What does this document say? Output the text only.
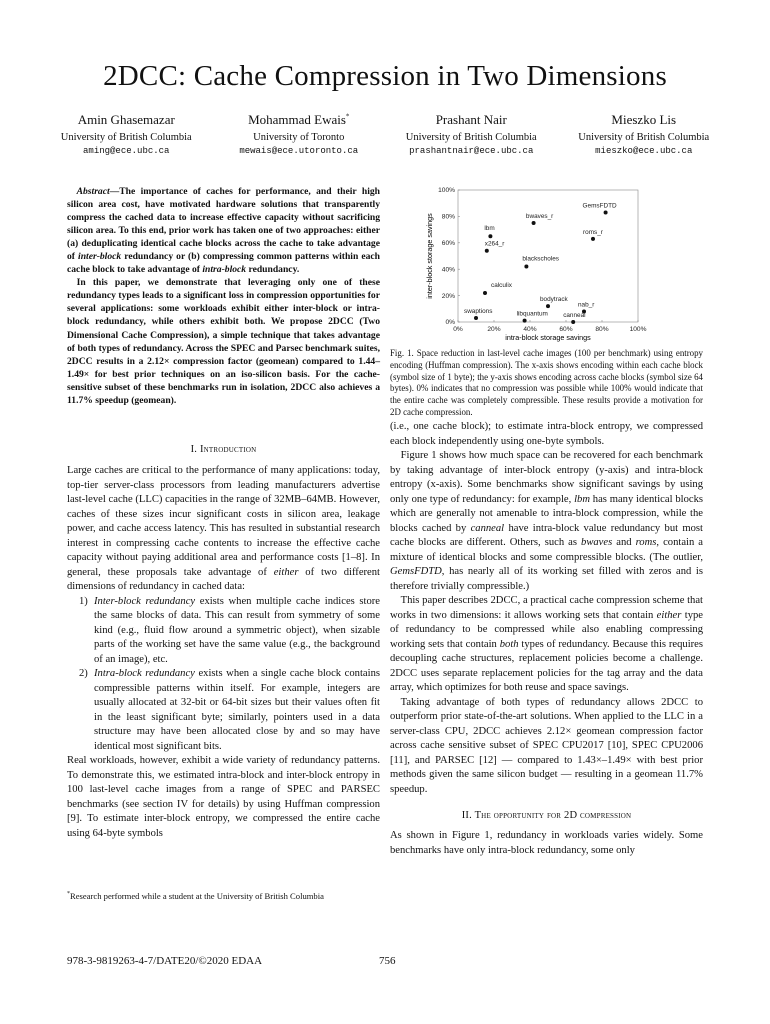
2DCC: Cache Compression in Two Dimensions
Amin Ghasemazar
University of British Columbia
aming@ece.ubc.ca
Mohammad Ewais*
University of Toronto
mewais@ece.utoronto.ca
Prashant Nair
University of British Columbia
prashantnair@ece.ubc.ca
Mieszko Lis
University of British Columbia
mieszko@ece.ubc.ca

Abstract—The importance of caches for performance, and their high silicon area cost, have motivated hardware solutions that transparently compress the cached data to increase effective capacity without sacrificing silicon area. To this end, prior work has taken one of two approaches: either (a) deduplicating identical cache blocks across the cache to take advantage of inter-block redundancy or (b) compressing common patterns within each cache block to take advantage of intra-block redundancy.

In this paper, we demonstrate that leveraging only one of these redundancy types leads to a significant loss in compression opportunities for several applications: some workloads exhibit either inter-block or intra-block redundancy, while others exhibit both. We propose 2DCC (Two Dimensional Cache Compression), a simple technique that takes advantage of both types of redundancy. Across the SPEC and Parsec benchmark suites, 2DCC results in a 2.12× compression factor (geomean) compared to 1.44–1.49× for best prior techniques on an iso-silicon basis. For the cache-sensitive subset of these benchmarks run in isolation, 2DCC also achieves a 11.7% speedup (geomean).

I. Introduction

Large caches are critical to the performance of many applications: today, top-tier server-class processors from leading manufacturers advertise last-level cache (LLC) capacities in the range of 32MB–64MB. However, caches of these sizes incur significant costs in silicon area, leakage power, and cache access latency. This has resulted in substantial research interest in compressing cache contents to increase the effective cache capacity without paying additional area and performance costs [1–8]. In general, these proposals take advantage of either of two different dimensions of redundancy in cached data:

1) Inter-block redundancy exists when multiple cache indices store the same blocks of data. This can result from symmetry of some kind (e.g., fluid flow around a symmetric object), when sizable parts of the working set have the same value (e.g., the background of an image), etc.
2) Intra-block redundancy exists when a single cache block contains compressible patterns within itself. For example, integers are usually allocated at 32-bit or 64-bit sizes but their values often fit in the least significant byte; similarly, pointers used in a data structure may have been allocated close by and so may have identical most significant bits.

Real workloads, however, exhibit a wide variety of redundancy patterns. To demonstrate this, we estimated intra-block and inter-block entropy in 100 last-level cache images from a range of SPEC and PARSEC benchmarks (see section IV for details) by using Huffman compression [9]. To estimate inter-block entropy, we compressed the entire cache using 64-byte symbols

*Research performed while a student at the University of British Columbia
978-3-9819263-4-7/DATE20/©2020 EDAA	756
0%	20%	40%	60%	80%	100%
0%
20%
40%
60%
80%
100%
GemsFDTD
bwaves_r
lbm
roms_r
x264_r
blackscholes
calculix
bodytrack
nab_r
swaptions	libquantum canneal
intra-block storage savings
inter-block storage savings
Fig. 1. Space reduction in last-level cache images (100 per benchmark) using entropy encoding (Huffman compression). The x-axis shows encoding within each cache block (symbol size of 1 byte); the y-axis shows encoding across cache blocks (symbol size 64 bytes). 0% indicates that no compression was possible while 100% would indicate that the entire cache was completely compressible. These results provide a motivation for 2D cache compression.

(i.e., one cache block); to estimate intra-block entropy, we compressed each block independently using one-byte symbols.

Figure 1 shows how much space can be recovered for each benchmark by taking advantage of inter-block entropy (y-axis) and intra-block entropy (x-axis). Some benchmarks show significant savings by using only one type of redundancy: for example, lbm has many identical blocks which are generally not amenable to intra-block compression, while the blocks cached by canneal have intra-block value redundancy but most cache blocks are different. Others, such as bwaves and roms, contain a mixture of identical blocks and some compressible blocks. (The outlier, GemsFDTD, has nearly all of its working set filled with zeros and is therefore trivially compressible.)

This paper describes 2DCC, a practical cache compression scheme that works in two dimensions: it allows working sets that contain either type of redundancy to be compressed while also enabling compressing working sets that contain both types of redundancy. Because this requires decoupling cache structures, replacement policies become a challenge. 2DCC uses separate replacement policies for the tag array and the data array, which optimizes for both reuse and space savings.

Taking advantage of both types of redundancy allows 2DCC to outperform prior state-of-the-art solutions. When applied to the LLC in a server-class CPU, 2DCC achieves 2.12× geomean compression factor across cache sensitive subset of SPEC CPU2017 [10], SPEC CPU2006 [11], and PARSEC [12] — compared to 1.43×–1.49× with best prior methods given the same silicon budget — resulting in a geomean 11.7% speedup.

II. The opportunity for 2D compression

As shown in Figure 1, redundancy in workloads varies widely. Some benchmarks have only intra-block redundancy, some only
